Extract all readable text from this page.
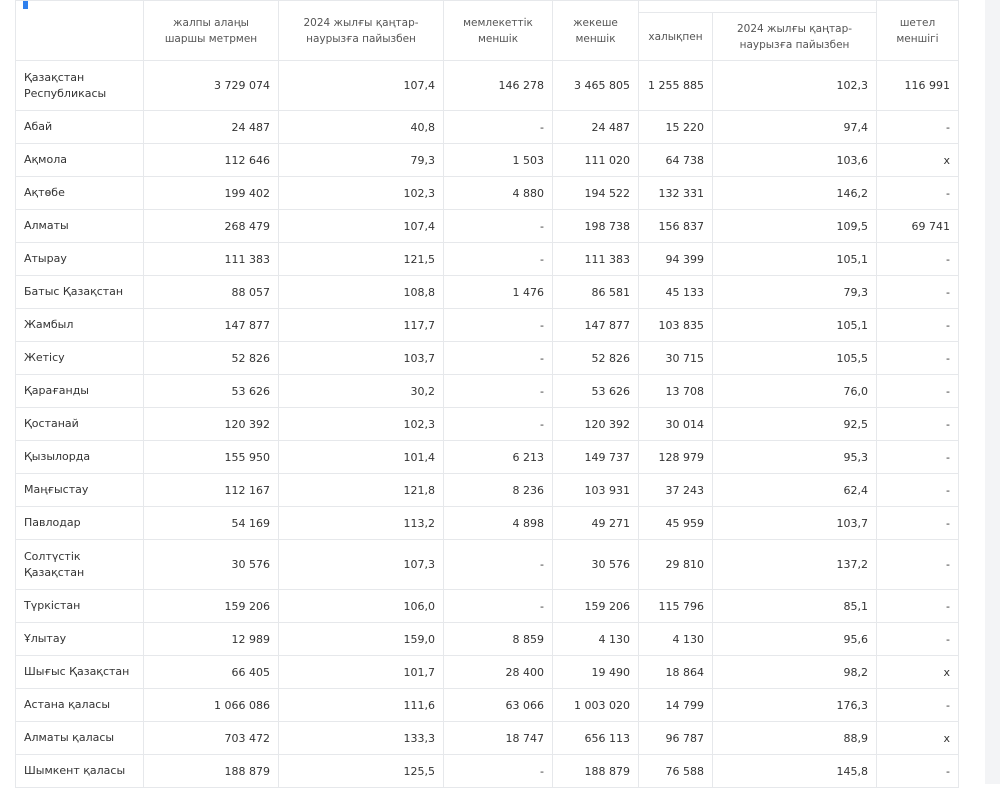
	жалпы алаңы шаршы метрмен	2024 жылғы қаңтар-наурызға пайызбен	мемлекеттік меншік	жекеше меншік			шетел меншігі
					халықпен	2024 жылғы қаңтар-наурызға пайызбен	
Қазақстан Республикасы	3 729 074	107,4	146 278	3 465 805	1 255 885	102,3	116 991
Абай	24 487	40,8	-	24 487	15 220	97,4	-
Ақмола	112 646	79,3	1 503	111 020	64 738	103,6	x
Ақтөбе	199 402	102,3	4 880	194 522	132 331	146,2	-
Алматы	268 479	107,4	-	198 738	156 837	109,5	69 741
Атырау	111 383	121,5	-	111 383	94 399	105,1	-
Батыс Қазақстан	88 057	108,8	1 476	86 581	45 133	79,3	-
Жамбыл	147 877	117,7	-	147 877	103 835	105,1	-
Жетісу	52 826	103,7	-	52 826	30 715	105,5	-
Қарағанды	53 626	30,2	-	53 626	13 708	76,0	-
Қостанай	120 392	102,3	-	120 392	30 014	92,5	-
Қызылорда	155 950	101,4	6 213	149 737	128 979	95,3	-
Маңғыстау	112 167	121,8	8 236	103 931	37 243	62,4	-
Павлодар	54 169	113,2	4 898	49 271	45 959	103,7	-
Солтүстік Қазақстан	30 576	107,3	-	30 576	29 810	137,2	-
Түркістан	159 206	106,0	-	159 206	115 796	85,1	-
Ұлытау	12 989	159,0	8 859	4 130	4 130	95,6	-
Шығыс Қазақстан	66 405	101,7	28 400	19 490	18 864	98,2	x
Астана қаласы	1 066 086	111,6	63 066	1 003 020	14 799	176,3	-
Алматы қаласы	703 472	133,3	18 747	656 113	96 787	88,9	x
Шымкент қаласы	188 879	125,5	-	188 879	76 588	145,8	-
